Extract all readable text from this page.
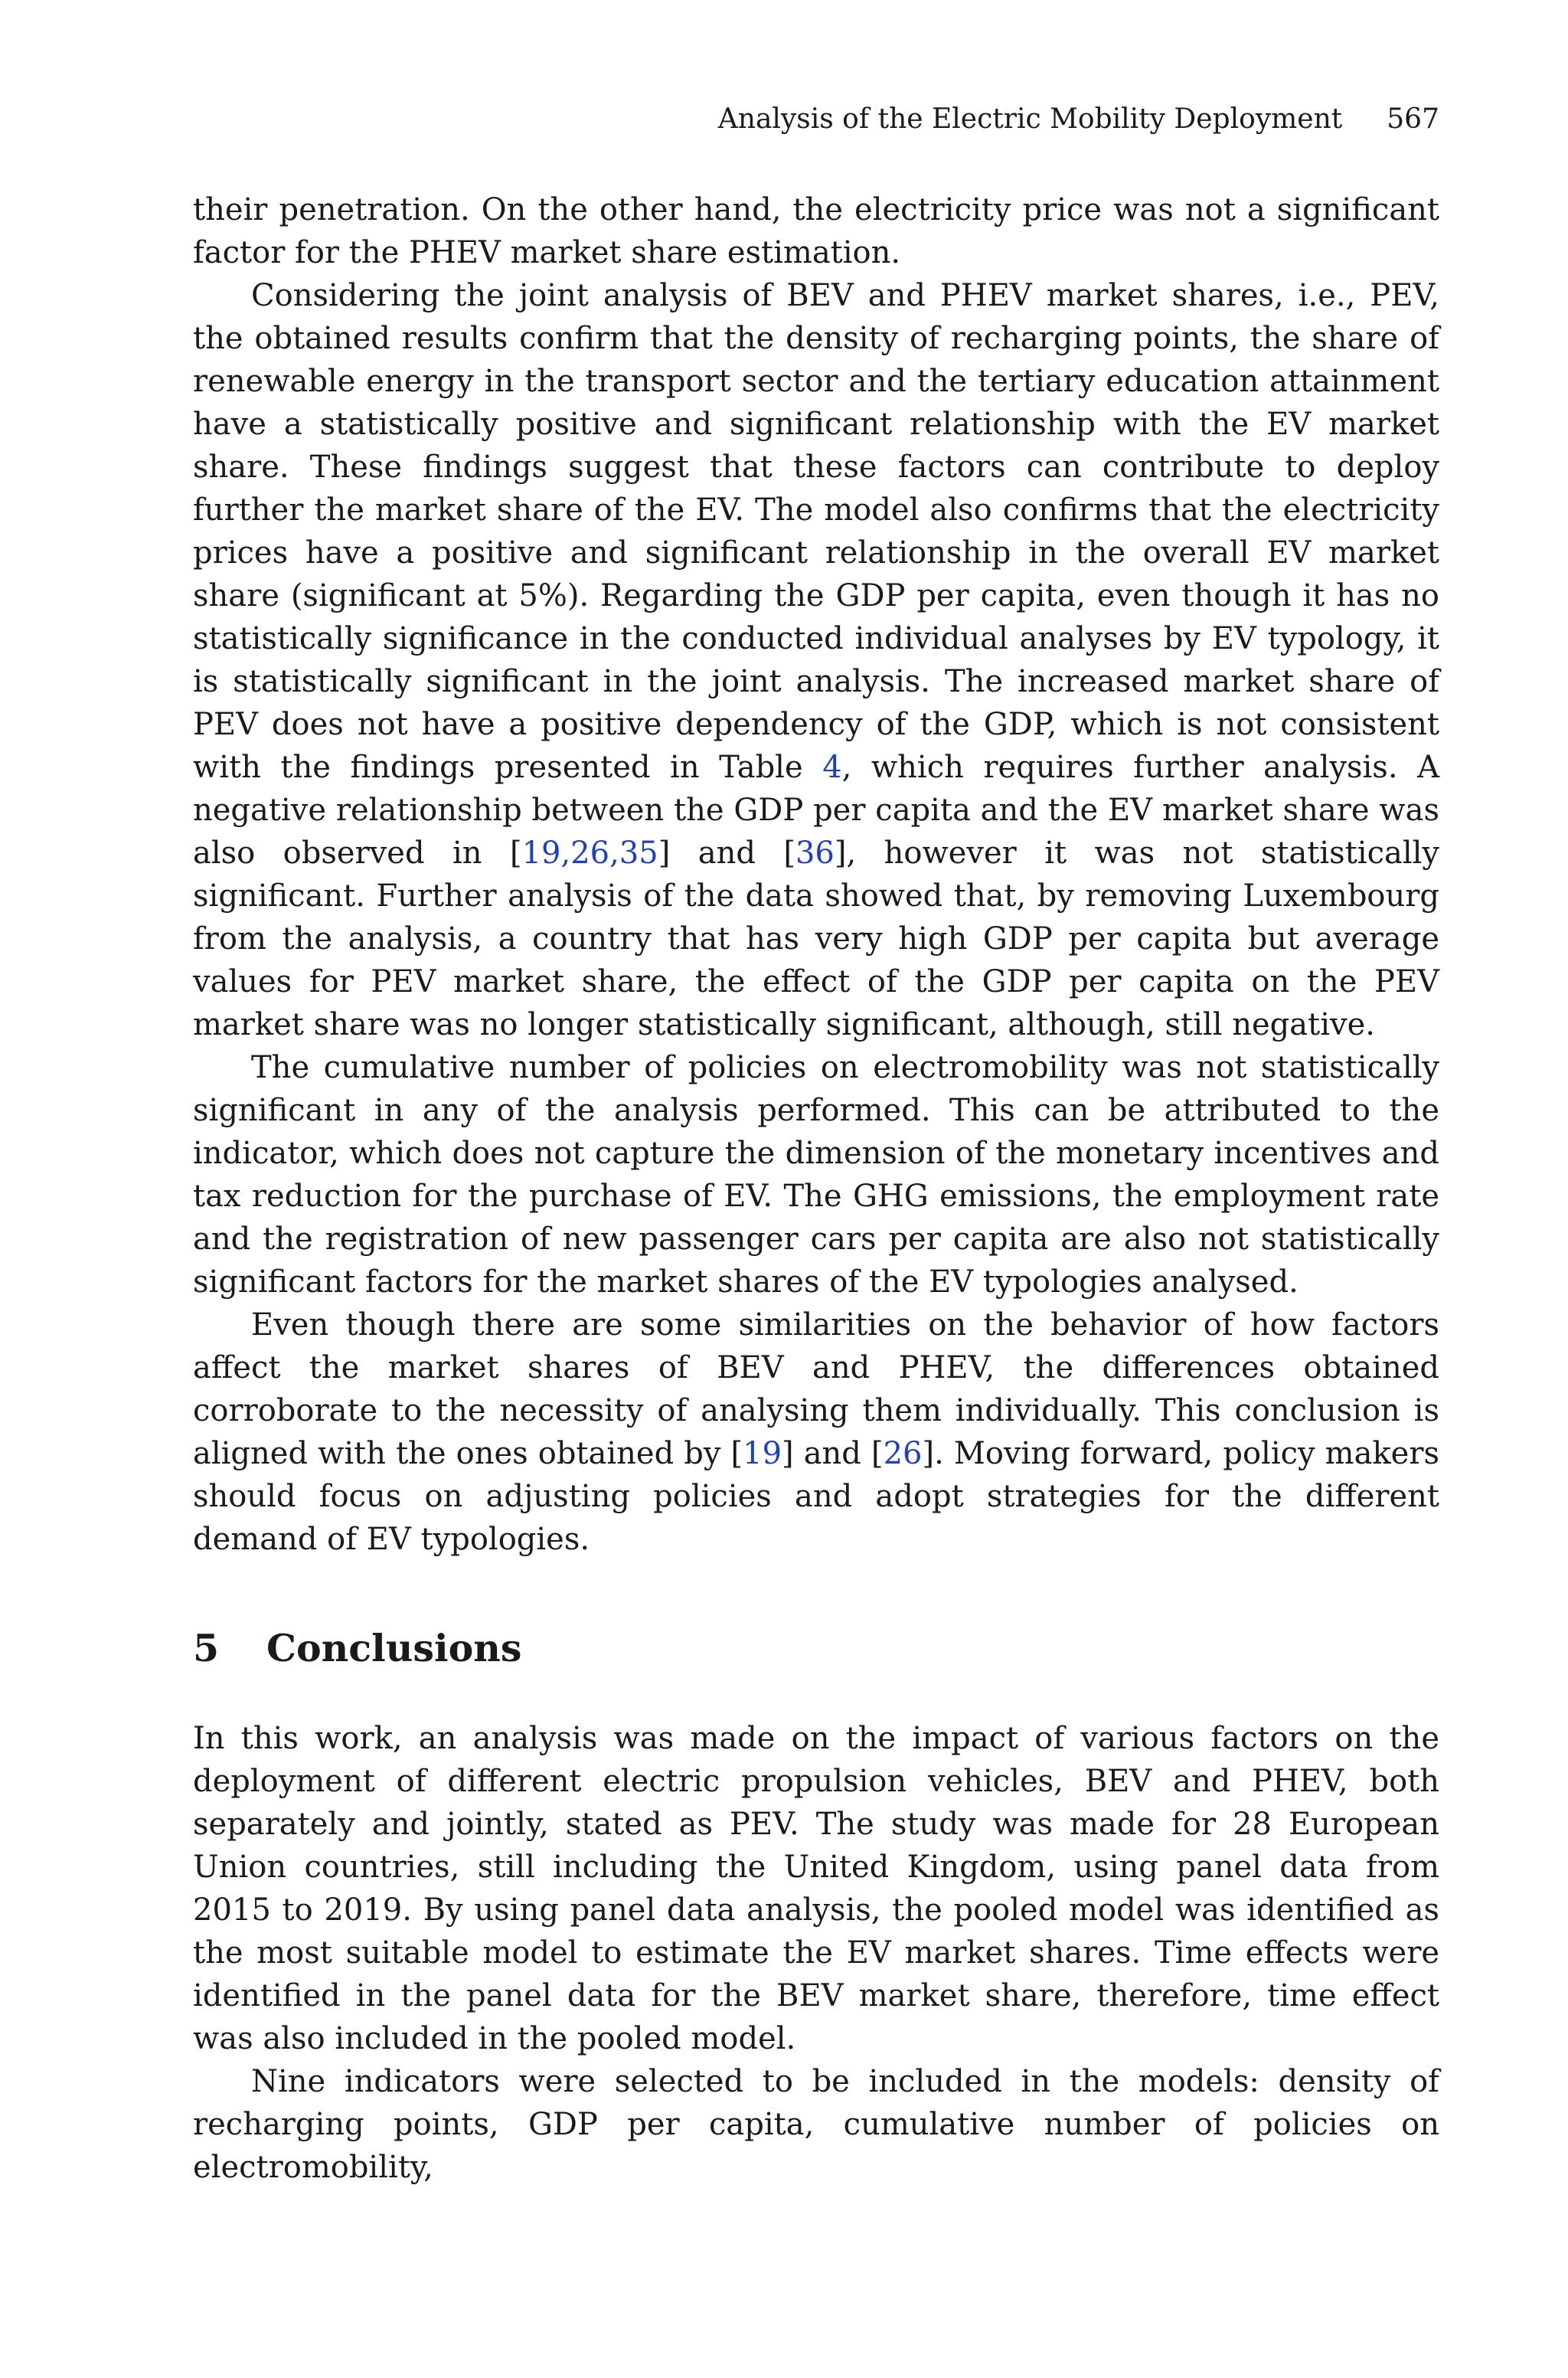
Analysis of the Electric Mobility Deployment 567

their penetration. On the other hand, the electricity price was not a significant factor for the PHEV market share estimation.

Considering the joint analysis of BEV and PHEV market shares, i.e., PEV, the obtained results confirm that the density of recharging points, the share of renewable energy in the transport sector and the tertiary education attainment have a statistically positive and significant relationship with the EV market share. These findings suggest that these factors can contribute to deploy further the market share of the EV. The model also confirms that the electricity prices have a positive and significant relationship in the overall EV market share (significant at 5%). Regarding the GDP per capita, even though it has no statistically significance in the conducted individual analyses by EV typology, it is statistically significant in the joint analysis. The increased market share of PEV does not have a positive dependency of the GDP, which is not consistent with the findings presented in Table 4, which requires further analysis. A negative relationship between the GDP per capita and the EV market share was also observed in [19,26,35] and [36], however it was not statistically significant. Further analysis of the data showed that, by removing Luxembourg from the analysis, a country that has very high GDP per capita but average values for PEV market share, the effect of the GDP per capita on the PEV market share was no longer statistically significant, although, still negative.

The cumulative number of policies on electromobility was not statistically significant in any of the analysis performed. This can be attributed to the indicator, which does not capture the dimension of the monetary incentives and tax reduction for the purchase of EV. The GHG emissions, the employment rate and the registration of new passenger cars per capita are also not statistically significant factors for the market shares of the EV typologies analysed.

Even though there are some similarities on the behavior of how factors affect the market shares of BEV and PHEV, the differences obtained corroborate to the necessity of analysing them individually. This conclusion is aligned with the ones obtained by [19] and [26]. Moving forward, policy makers should focus on adjusting policies and adopt strategies for the different demand of EV typologies.

5	Conclusions

In this work, an analysis was made on the impact of various factors on the deployment of different electric propulsion vehicles, BEV and PHEV, both separately and jointly, stated as PEV. The study was made for 28 European Union countries, still including the United Kingdom, using panel data from 2015 to 2019. By using panel data analysis, the pooled model was identified as the most suitable model to estimate the EV market shares. Time effects were identified in the panel data for the BEV market share, therefore, time effect was also included in the pooled model.

Nine indicators were selected to be included in the models: density of recharging points, GDP per capita, cumulative number of policies on electromobility,
